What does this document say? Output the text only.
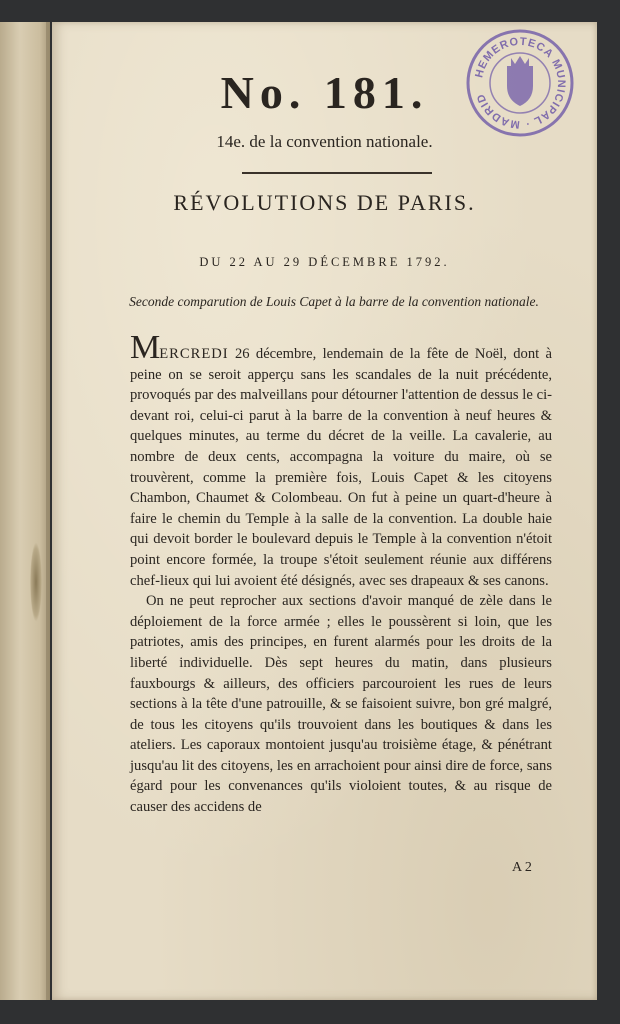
HEMEROTECA MUNICIPAL · MADRID
No. 181.
14e. de la convention nationale.
RÉVOLUTIONS DE PARIS.
DU 22 AU 29 DÉCEMBRE 1792.
Seconde comparution de Louis Capet à la barre de la convention nationale.

MERCREDI 26 décembre, lendemain de la fête de Noël, dont à peine on se seroit apperçu sans les scandales de la nuit précédente, provoqués par des malveillans pour détourner l'attention de dessus le ci-devant roi, celui-ci parut à la barre de la convention à neuf heures & quelques minutes, au terme du décret de la veille. La cavalerie, au nombre de deux cents, accompagna la voiture du maire, où se trouvèrent, comme la première fois, Louis Capet & les citoyens Chambon, Chaumet & Colombeau. On fut à peine un quart-d'heure à faire le chemin du Temple à la salle de la convention. La double haie qui devoit border le boulevard depuis le Temple à la convention n'étoit point encore formée, la troupe s'étoit seulement réunie aux différens chef-lieux qui lui avoient été désignés, avec ses drapeaux & ses canons.

On ne peut reprocher aux sections d'avoir manqué de zèle dans le déploiement de la force armée ; elles le poussèrent si loin, que les patriotes, amis des principes, en furent alarmés pour les droits de la liberté individuelle. Dès sept heures du matin, dans plusieurs fauxbourgs & ailleurs, des officiers parcouroient les rues de leurs sections à la tête d'une patrouille, & se faisoient suivre, bon gré malgré, de tous les citoyens qu'ils trouvoient dans les boutiques & dans les ateliers. Les caporaux montoient jusqu'au troisième étage, & pénétrant jusqu'au lit des citoyens, les en arrachoient pour ainsi dire de force, sans égard pour les convenances qu'ils violoient toutes, & au risque de causer des accidens de

A 2
